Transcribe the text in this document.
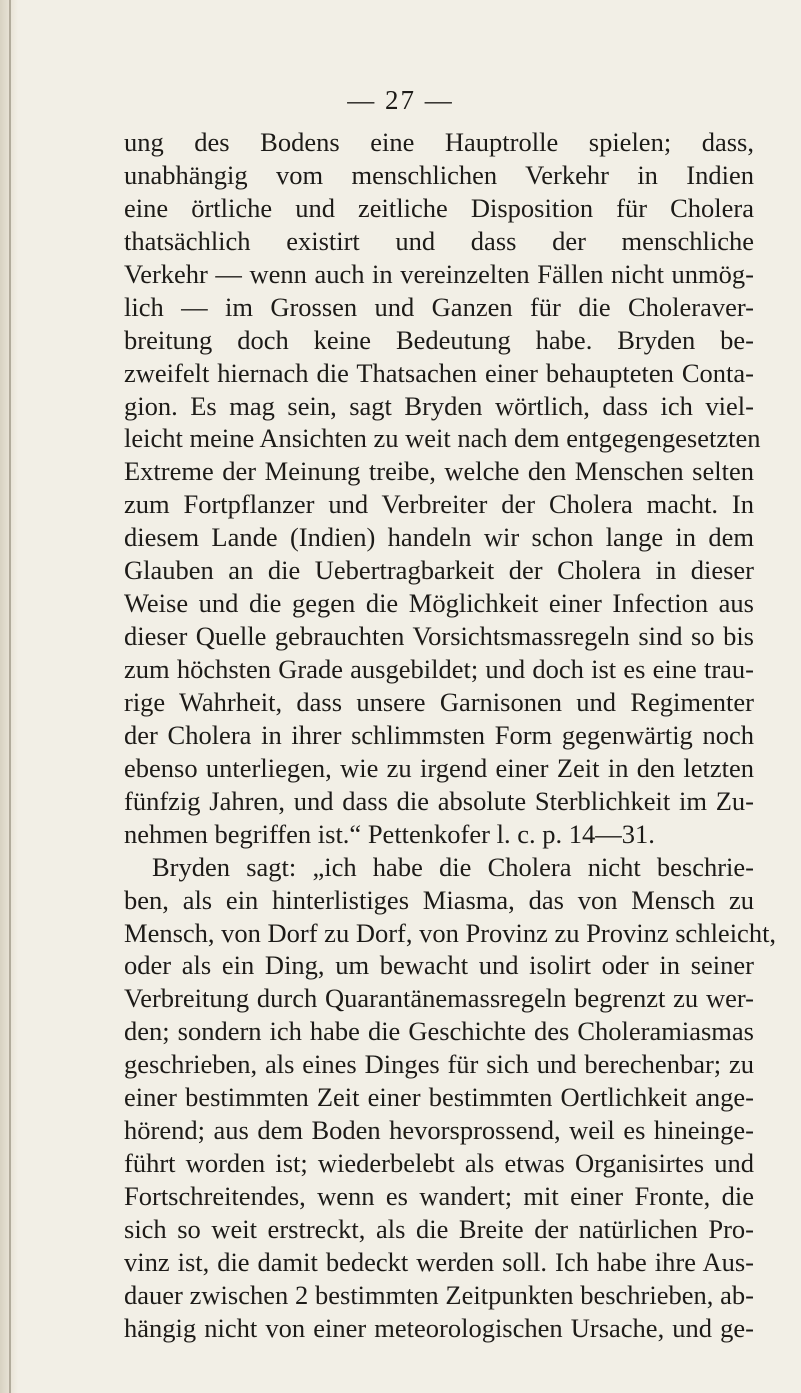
— 27 —
ung des Bodens eine Hauptrolle spielen; dass,
unabhängig vom menschlichen Verkehr in Indien
eine örtliche und zeitliche Disposition für Cholera
thatsächlich existirt und dass der menschliche
Verkehr — wenn auch in vereinzelten Fällen nicht unmög-
lich — im Grossen und Ganzen für die Choleraver-
breitung doch keine Bedeutung habe. Bryden be-
zweifelt hiernach die Thatsachen einer behaupteten Conta-
gion. Es mag sein, sagt Bryden wörtlich, dass ich viel-
leicht meine Ansichten zu weit nach dem entgegengesetzten
Extreme der Meinung treibe, welche den Menschen selten
zum Fortpflanzer und Verbreiter der Cholera macht. In
diesem Lande (Indien) handeln wir schon lange in dem
Glauben an die Uebertragbarkeit der Cholera in dieser
Weise und die gegen die Möglichkeit einer Infection aus
dieser Quelle gebrauchten Vorsichtsmassregeln sind so bis
zum höchsten Grade ausgebildet; und doch ist es eine trau-
rige Wahrheit, dass unsere Garnisonen und Regimenter
der Cholera in ihrer schlimmsten Form gegenwärtig noch
ebenso unterliegen, wie zu irgend einer Zeit in den letzten
fünfzig Jahren, und dass die absolute Sterblichkeit im Zu-
nehmen begriffen ist.“ Pettenkofer l. c. p. 14—31.
Bryden sagt: „ich habe die Cholera nicht beschrie-
ben, als ein hinterlistiges Miasma, das von Mensch zu
Mensch, von Dorf zu Dorf, von Provinz zu Provinz schleicht,
oder als ein Ding, um bewacht und isolirt oder in seiner
Verbreitung durch Quarantänemassregeln begrenzt zu wer-
den; sondern ich habe die Geschichte des Choleramiasmas
geschrieben, als eines Dinges für sich und berechenbar; zu
einer bestimmten Zeit einer bestimmten Oertlichkeit ange-
hörend; aus dem Boden hevorsprossend, weil es hineinge-
führt worden ist; wiederbelebt als etwas Organisirtes und
Fortschreitendes, wenn es wandert; mit einer Fronte, die
sich so weit erstreckt, als die Breite der natürlichen Pro-
vinz ist, die damit bedeckt werden soll. Ich habe ihre Aus-
dauer zwischen 2 bestimmten Zeitpunkten beschrieben, ab-
hängig nicht von einer meteorologischen Ursache, und ge-
